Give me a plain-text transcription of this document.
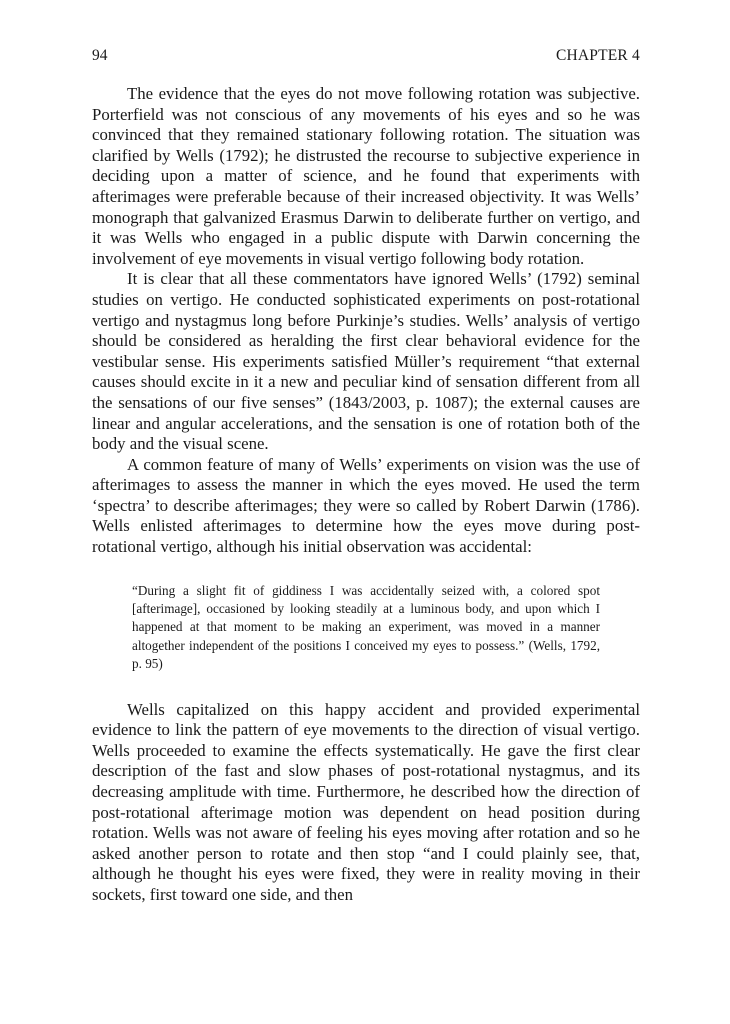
94	CHAPTER 4

The evidence that the eyes do not move following rotation was subjective. Porterfield was not conscious of any movements of his eyes and so he was convinced that they remained stationary following rotation. The situation was clarified by Wells (1792); he distrusted the recourse to subjective experience in deciding upon a matter of science, and he found that experiments with afterimages were preferable because of their increased objectivity. It was Wells’ monograph that galvanized Erasmus Darwin to deliberate further on vertigo, and it was Wells who engaged in a public dispute with Darwin concerning the involvement of eye movements in visual vertigo following body rotation.

It is clear that all these commentators have ignored Wells’ (1792) seminal studies on vertigo. He conducted sophisticated experiments on post-rotational vertigo and nystagmus long before Purkinje’s studies. Wells’ analysis of vertigo should be considered as heralding the first clear behavioral evidence for the vestibular sense. His experiments satisfied Müller’s requirement “that external causes should excite in it a new and peculiar kind of sensation different from all the sensations of our five senses” (1843/2003, p. 1087); the external causes are linear and angular accelerations, and the sensation is one of rotation both of the body and the visual scene.

A common feature of many of Wells’ experiments on vision was the use of afterimages to assess the manner in which the eyes moved. He used the term ‘spectra’ to describe afterimages; they were so called by Robert Darwin (1786). Wells enlisted afterimages to determine how the eyes move during post-rotational vertigo, although his initial observation was accidental:

“During a slight fit of giddiness I was accidentally seized with, a colored spot [afterimage], occasioned by looking steadily at a luminous body, and upon which I happened at that moment to be making an experiment, was moved in a manner altogether independent of the positions I conceived my eyes to possess.” (Wells, 1792, p. 95)

Wells capitalized on this happy accident and provided experimental evidence to link the pattern of eye movements to the direction of visual vertigo. Wells proceeded to examine the effects systematically. He gave the first clear description of the fast and slow phases of post-rotational nystagmus, and its decreasing amplitude with time. Furthermore, he described how the direction of post-rotational afterimage motion was dependent on head position during rotation. Wells was not aware of feeling his eyes moving after rotation and so he asked another person to rotate and then stop “and I could plainly see, that, although he thought his eyes were fixed, they were in reality moving in their sockets, first toward one side, and then
